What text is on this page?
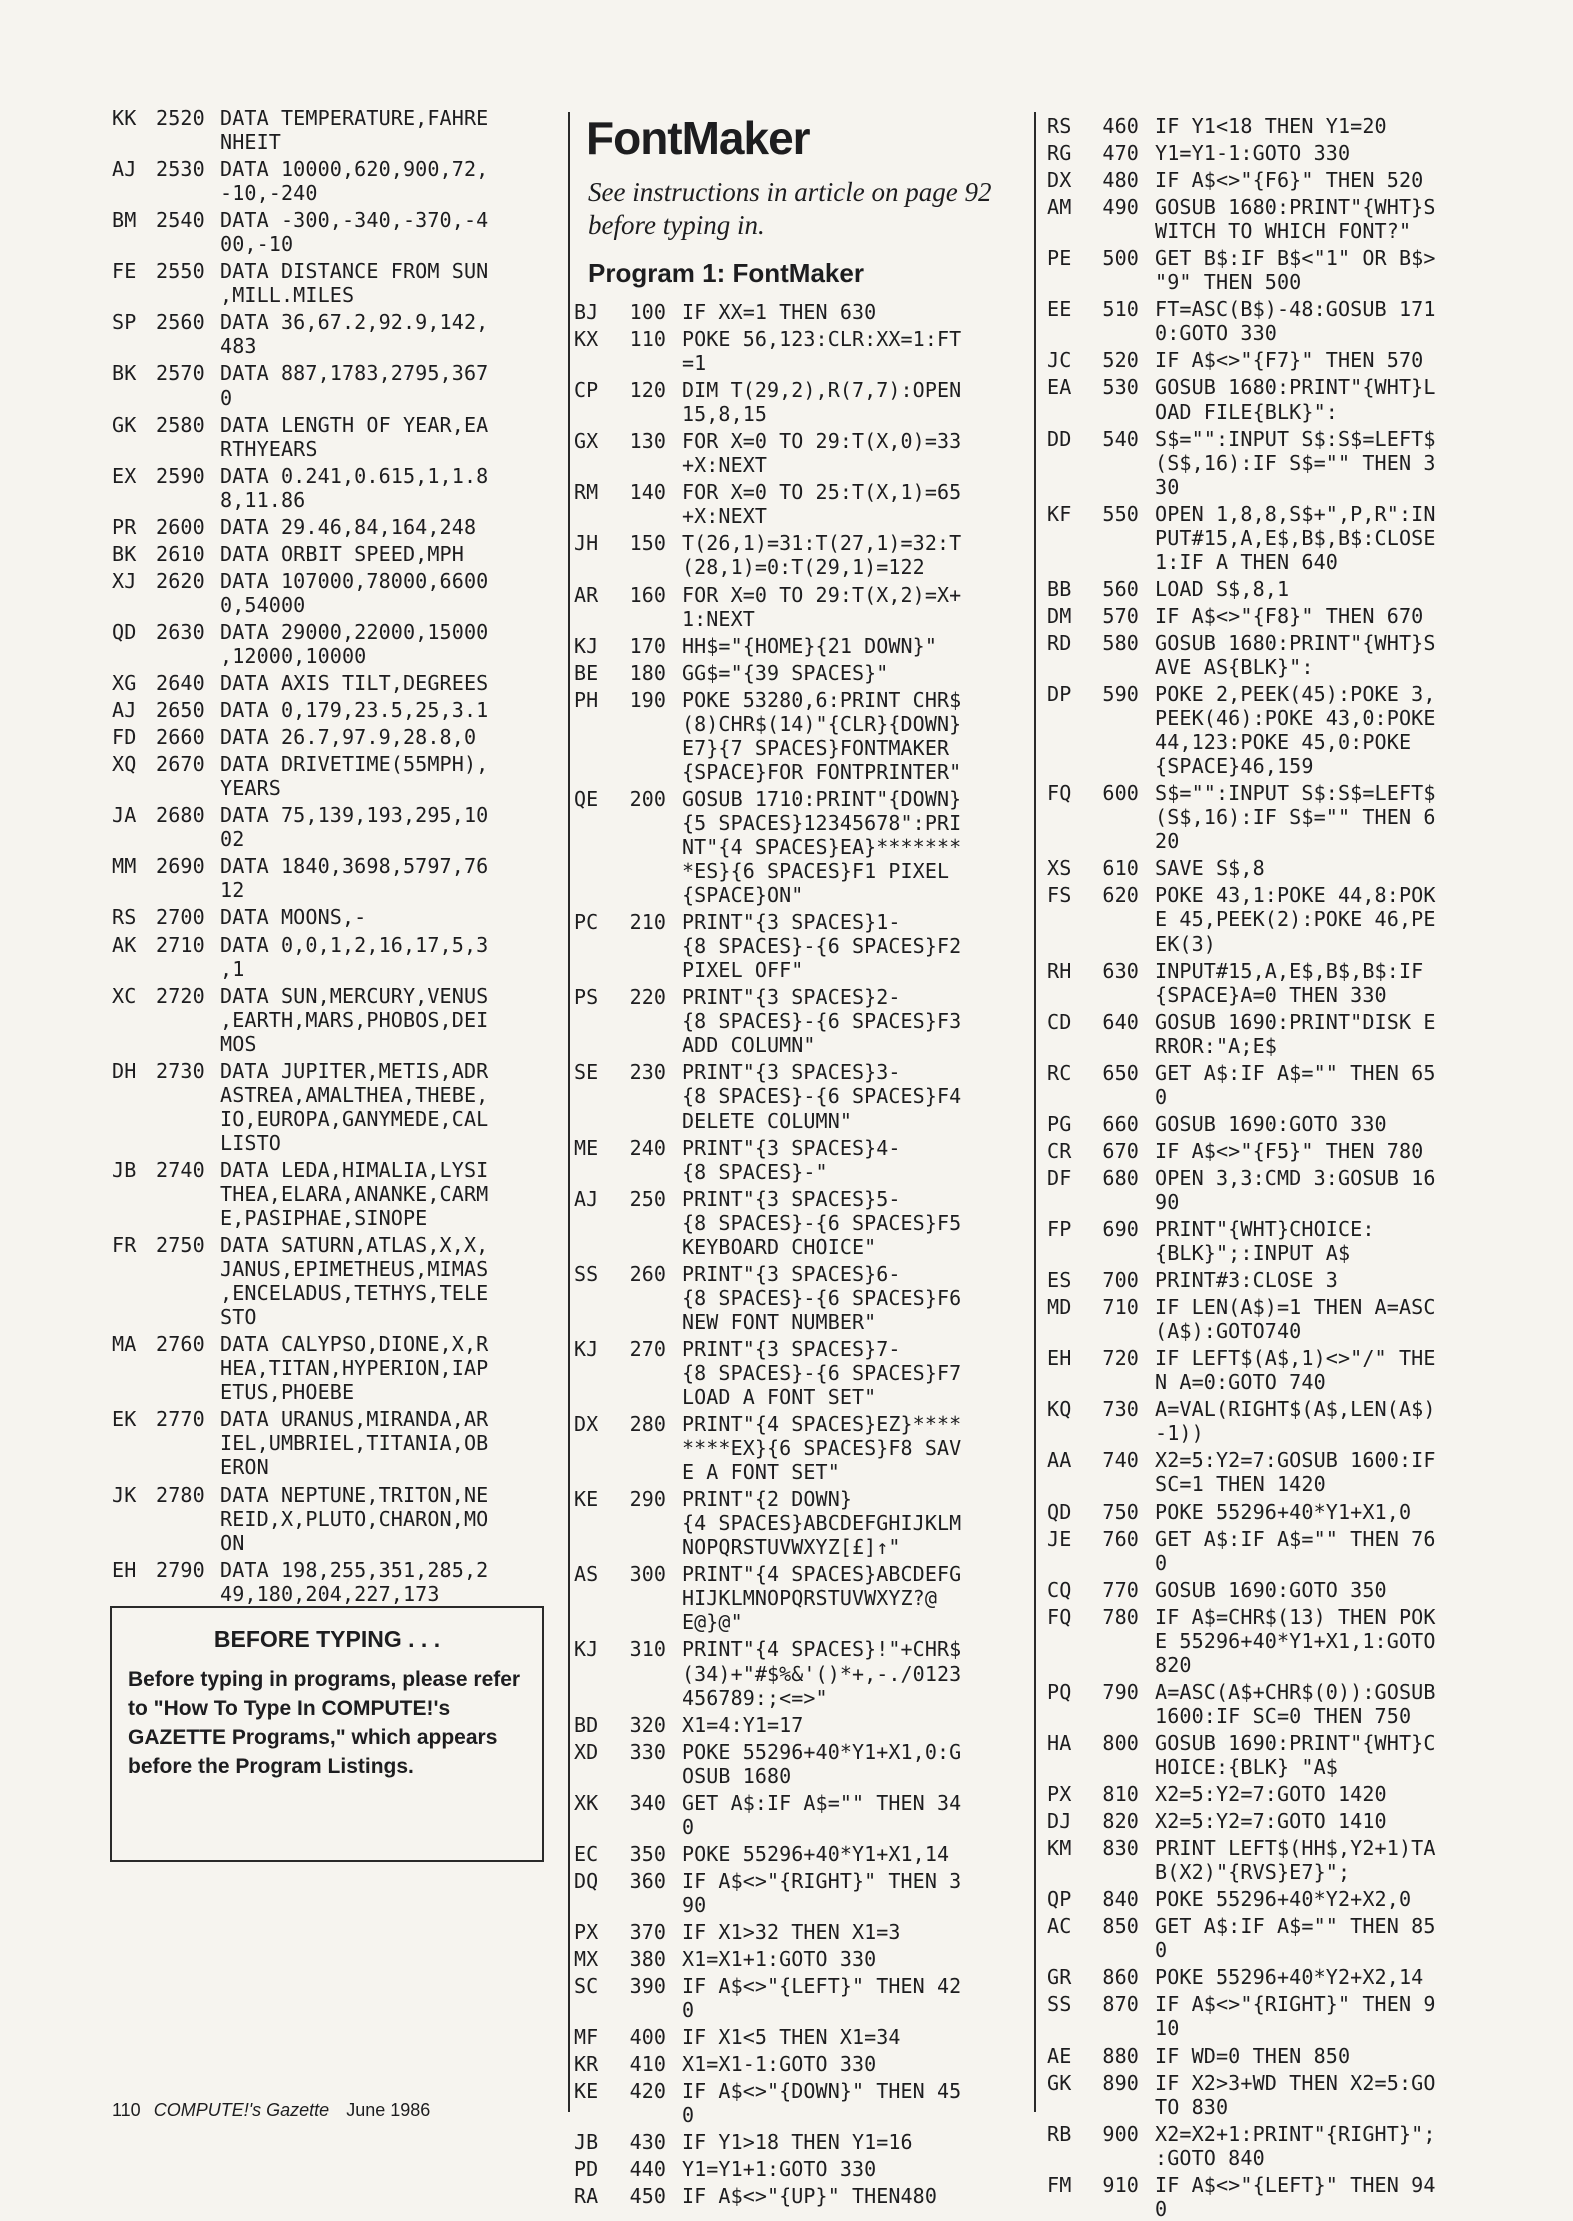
KK 2520 DATA TEMPERATURE,FAHRE
NHEIT
AJ 2530 DATA 10000,620,900,72,
-10,-240
BM 2540 DATA -300,-340,-370,-4
00,-10
FE 2550 DATA DISTANCE FROM SUN
,MILL.MILES
SP 2560 DATA 36,67.2,92.9,142,
483
BK 2570 DATA 887,1783,2795,367
0
GK 2580 DATA LENGTH OF YEAR,EA
RTHYEARS
EX 2590 DATA 0.241,0.615,1,1.8
8,11.86
PR 2600 DATA 29.46,84,164,248
BK 2610 DATA ORBIT SPEED,MPH
XJ 2620 DATA 107000,78000,6600
0,54000
QD 2630 DATA 29000,22000,15000
,12000,10000
XG 2640 DATA AXIS TILT,DEGREES
AJ 2650 DATA 0,179,23.5,25,3.1
FD 2660 DATA 26.7,97.9,28.8,0
XQ 2670 DATA DRIVETIME(55MPH),
YEARS
JA 2680 DATA 75,139,193,295,10
02
MM 2690 DATA 1840,3698,5797,76
12
RS 2700 DATA MOONS,-
AK 2710 DATA 0,0,1,2,16,17,5,3
,1
XC 2720 DATA SUN,MERCURY,VENUS
,EARTH,MARS,PHOBOS,DEI
MOS
DH 2730 DATA JUPITER,METIS,ADR
ASTREA,AMALTHEA,THEBE,
IO,EUROPA,GANYMEDE,CAL
LISTO
JB 2740 DATA LEDA,HIMALIA,LYSI
THEA,ELARA,ANANKE,CARM
E,PASIPHAE,SINOPE
FR 2750 DATA SATURN,ATLAS,X,X,
JANUS,EPIMETHEUS,MIMAS
,ENCELADUS,TETHYS,TELE
STO
MA 2760 DATA CALYPSO,DIONE,X,R
HEA,TITAN,HYPERION,IAP
ETUS,PHOEBE
EK 2770 DATA URANUS,MIRANDA,AR
IEL,UMBRIEL,TITANIA,OB
ERON
JK 2780 DATA NEPTUNE,TRITON,NE
REID,X,PLUTO,CHARON,MO
ON
EH 2790 DATA 198,255,351,285,2
49,180,204,227,173
BEFORE TYPING . . .
Before typing in programs, please refer to "How To Type In COMPUTE!'s GAZETTE Programs," which appears before the Program Listings.
FontMaker
See instructions in article on page 92 before typing in.
Program 1: FontMaker
BJ	100 IF XX=1 THEN 630
KX	110 POKE 56,123:CLR:XX=1:FT
=1
CP	120 DIM T(29,2),R(7,7):OPEN
15,8,15
GX	130 FOR X=0 TO 29:T(X,0)=33
+X:NEXT
RM	140 FOR X=0 TO 25:T(X,1)=65
+X:NEXT
JH	150 T(26,1)=31:T(27,1)=32:T
(28,1)=0:T(29,1)=122
AR	160 FOR X=0 TO 29:T(X,2)=X+
1:NEXT
KJ	170 HH$="{HOME}{21 DOWN}"
BE	180 GG$="{39 SPACES}"
PH	190 POKE 53280,6:PRINT CHR$
(8)CHR$(14)"{CLR}{DOWN}
E7}{7 SPACES}FONTMAKER
{SPACE}FOR FONTPRINTER"
QE	200 GOSUB 1710:PRINT"{DOWN}
{5 SPACES}12345678":PRI
NT"{4 SPACES}EA}*******
*ES}{6 SPACES}F1 PIXEL
{SPACE}ON"
PC	210 PRINT"{3 SPACES}1-
{8 SPACES}-{6 SPACES}F2
PIXEL OFF"
PS	220 PRINT"{3 SPACES}2-
{8 SPACES}-{6 SPACES}F3
ADD COLUMN"
SE	230 PRINT"{3 SPACES}3-
{8 SPACES}-{6 SPACES}F4
DELETE COLUMN"
ME	240 PRINT"{3 SPACES}4-
{8 SPACES}-"
AJ	250 PRINT"{3 SPACES}5-
{8 SPACES}-{6 SPACES}F5
KEYBOARD CHOICE"
SS	260 PRINT"{3 SPACES}6-
{8 SPACES}-{6 SPACES}F6
NEW FONT NUMBER"
KJ	270 PRINT"{3 SPACES}7-
{8 SPACES}-{6 SPACES}F7
LOAD A FONT SET"
DX	280 PRINT"{4 SPACES}EZ}****
****EX}{6 SPACES}F8 SAV
E A FONT SET"
KE	290 PRINT"{2 DOWN}
{4 SPACES}ABCDEFGHIJKLM
NOPQRSTUVWXYZ[£]↑"
AS	300 PRINT"{4 SPACES}ABCDEFG
HIJKLMNOPQRSTUVWXYZ?@
E@}@"
KJ	310 PRINT"{4 SPACES}!"+CHR$
(34)+"#$%&'()*+,-./0123
456789:;<=>"
BD	320 X1=4:Y1=17
XD	330 POKE 55296+40*Y1+X1,0:G
OSUB 1680
XK	340 GET A$:IF A$="" THEN 34
0
EC	350 POKE 55296+40*Y1+X1,14
DQ	360 IF A$<>"{RIGHT}" THEN 3
90
PX	370 IF X1>32 THEN X1=3
MX	380 X1=X1+1:GOTO 330
SC	390 IF A$<>"{LEFT}" THEN 42
0
MF	400 IF X1<5 THEN X1=34
KR	410 X1=X1-1:GOTO 330
KE	420 IF A$<>"{DOWN}" THEN 45
0
JB	430 IF Y1>18 THEN Y1=16
PD	440 Y1=Y1+1:GOTO 330
RA	450 IF A$<>"{UP}" THEN480
RS	460 IF Y1<18 THEN Y1=20
RG	470 Y1=Y1-1:GOTO 330
DX	480 IF A$<>"{F6}" THEN 520
AM	490 GOSUB 1680:PRINT"{WHT}S
WITCH TO WHICH FONT?"
PE	500 GET B$:IF B$<"1" OR B$>
"9" THEN 500
EE	510 FT=ASC(B$)-48:GOSUB 171
0:GOTO 330
JC	520 IF A$<>"{F7}" THEN 570
EA	530 GOSUB 1680:PRINT"{WHT}L
OAD FILE{BLK}":
DD	540 S$="":INPUT S$:S$=LEFT$
(S$,16):IF S$="" THEN 3
30
KF	550 OPEN 1,8,8,S$+",P,R":IN
PUT#15,A,E$,B$,B$:CLOSE
1:IF A THEN 640
BB	560 LOAD S$,8,1
DM	570 IF A$<>"{F8}" THEN 670
RD	580 GOSUB 1680:PRINT"{WHT}S
AVE AS{BLK}":
DP	590 POKE 2,PEEK(45):POKE 3,
PEEK(46):POKE 43,0:POKE
44,123:POKE 45,0:POKE
{SPACE}46,159
FQ	600 S$="":INPUT S$:S$=LEFT$
(S$,16):IF S$="" THEN 6
20
XS	610 SAVE S$,8
FS	620 POKE 43,1:POKE 44,8:POK
E 45,PEEK(2):POKE 46,PE
EK(3)
RH	630 INPUT#15,A,E$,B$,B$:IF
{SPACE}A=0 THEN 330
CD	640 GOSUB 1690:PRINT"DISK E
RROR:"A;E$
RC	650 GET A$:IF A$="" THEN 65
0
PG	660 GOSUB 1690:GOTO 330
CR	670 IF A$<>"{F5}" THEN 780
DF	680 OPEN 3,3:CMD 3:GOSUB 16
90
FP	690 PRINT"{WHT}CHOICE:
{BLK}";:INPUT A$
ES	700 PRINT#3:CLOSE 3
MD	710 IF LEN(A$)=1 THEN A=ASC
(A$):GOTO740
EH	720 IF LEFT$(A$,1)<>"/" THE
N A=0:GOTO 740
KQ	730 A=VAL(RIGHT$(A$,LEN(A$)
-1))
AA	740 X2=5:Y2=7:GOSUB 1600:IF
SC=1 THEN 1420
QD	750 POKE 55296+40*Y1+X1,0
JE	760 GET A$:IF A$="" THEN 76
0
CQ	770 GOSUB 1690:GOTO 350
FQ	780 IF A$=CHR$(13) THEN POK
E 55296+40*Y1+X1,1:GOTO
820
PQ	790 A=ASC(A$+CHR$(0)):GOSUB
1600:IF SC=0 THEN 750
HA	800 GOSUB 1690:PRINT"{WHT}C
HOICE:{BLK} "A$
PX	810 X2=5:Y2=7:GOTO 1420
DJ	820 X2=5:Y2=7:GOTO 1410
KM	830 PRINT LEFT$(HH$,Y2+1)TA
B(X2)"{RVS}E7}";
QP	840 POKE 55296+40*Y2+X2,0
AC	850 GET A$:IF A$="" THEN 85
0
GR	860 POKE 55296+40*Y2+X2,14
SS	870 IF A$<>"{RIGHT}" THEN 9
10
AE	880 IF WD=0 THEN 850
GK	890 IF X2>3+WD THEN X2=5:GO
TO 830
RB	900 X2=X2+1:PRINT"{RIGHT}";
:GOTO 840
FM	910 IF A$<>"{LEFT}" THEN 94
0
110 COMPUTE!'s Gazette June 1986
